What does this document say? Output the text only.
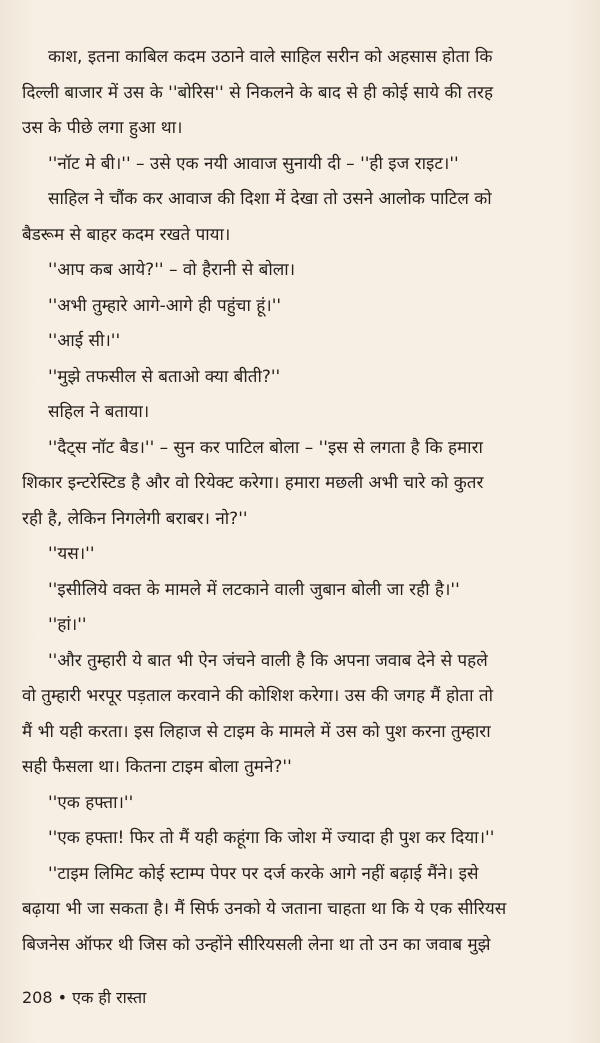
काश, इतना काबिल कदम उठाने वाले साहिल सरीन को अहसास होता कि
दिल्ली बाजार में उस के ''बोरिस'' से निकलने के बाद से ही कोई साये की तरह
उस के पीछे लगा हुआ था।
''नॉट मे बी।'' – उसे एक नयी आवाज सुनायी दी – ''ही इज राइट।''
साहिल ने चौंक कर आवाज की दिशा में देखा तो उसने आलोक पाटिल को
बैडरूम से बाहर कदम रखते पाया।
''आप कब आये?'' – वो हैरानी से बोला।
''अभी तुम्हारे आगे-आगे ही पहुंचा हूं।''
''आई सी।''
''मुझे तफसील से बताओ क्या बीती?''
सहिल ने बताया।
''दैट्स नॉट बैड।'' – सुन कर पाटिल बोला – ''इस से लगता है कि हमारा
शिकार इन्टरेस्टिड है और वो रियेक्ट करेगा। हमारा मछली अभी चारे को कुतर
रही है, लेकिन निगलेगी बराबर। नो?''
''यस।''
''इसीलिये वक्त के मामले में लटकाने वाली जुबान बोली जा रही है।''
''हां।''
''और तुम्हारी ये बात भी ऐन जंचने वाली है कि अपना जवाब देने से पहले
वो तुम्हारी भरपूर पड़ताल करवाने की कोशिश करेगा। उस की जगह मैं होता तो
मैं भी यही करता। इस लिहाज से टाइम के मामले में उस को पुश करना तुम्हारा
सही फैसला था। कितना टाइम बोला तुमने?''
''एक हफ्ता।''
''एक हफ्ता! फिर तो मैं यही कहूंगा कि जोश में ज्यादा ही पुश कर दिया।''
''टाइम लिमिट कोई स्टाम्प पेपर पर दर्ज करके आगे नहीं बढ़ाई मैंने। इसे
बढ़ाया भी जा सकता है। मैं सिर्फ उनको ये जताना चाहता था कि ये एक सीरियस
बिजनेस ऑफर थी जिस को उन्होंने सीरियसली लेना था तो उन का जवाब मुझे
208 • एक ही रास्ता
